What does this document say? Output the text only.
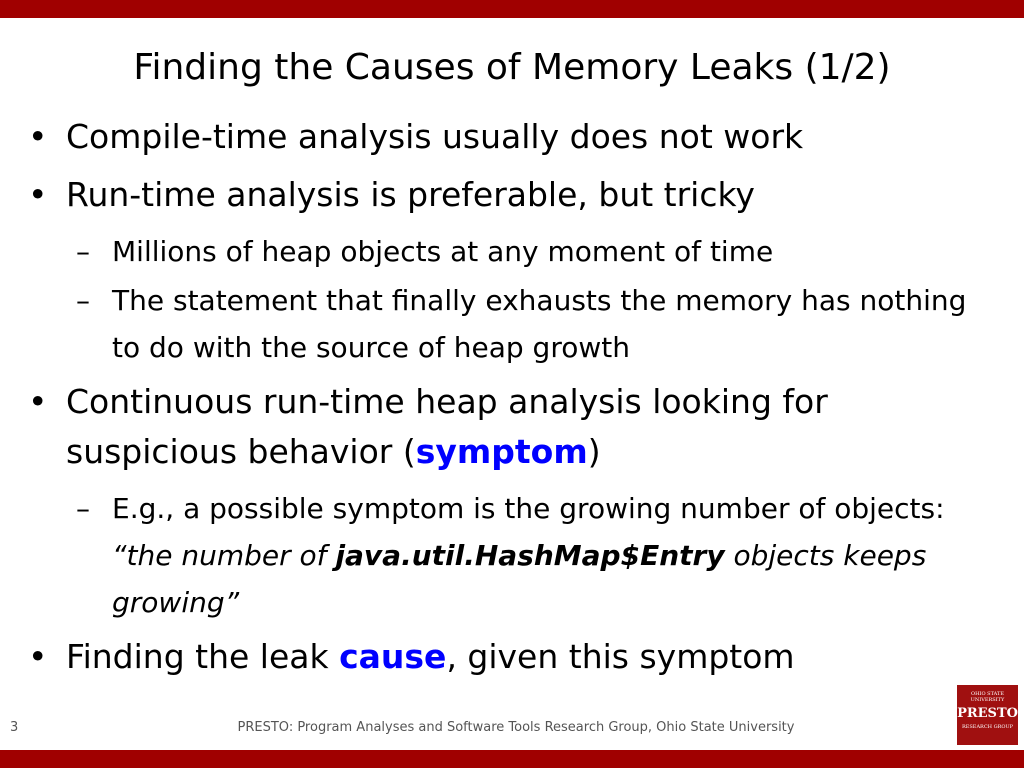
Finding the Causes of Memory Leaks (1/2)
• Compile-time analysis usually does not work
• Run-time analysis is preferable, but tricky
– Millions of heap objects at any moment of time
– The statement that finally exhausts the memory has nothing to do with the source of heap growth
• Continuous run-time heap analysis looking for suspicious behavior (symptom)
– E.g., a possible symptom is the growing number of objects: “the number of java.util.HashMap$Entry objects keeps growing”
• Finding the leak cause, given this symptom
3	PRESTO: Program Analyses and Software Tools Research Group, Ohio State University
OHIO STATE UNIVERSITY
PRESTO
RESEARCH GROUP
